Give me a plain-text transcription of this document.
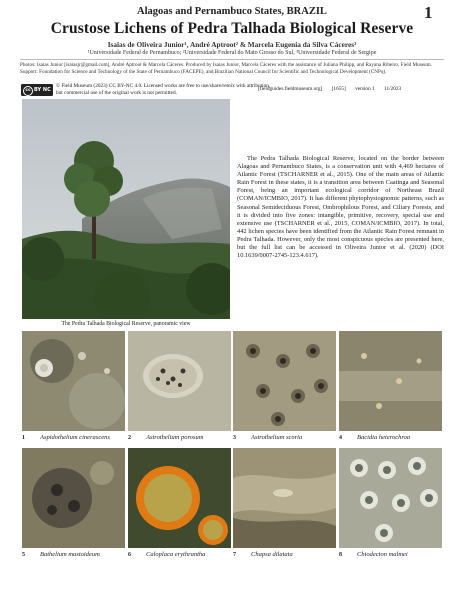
Alagoas and Pernambuco States, BRAZIL	1
Crustose Lichens of Pedra Talhada Biological Reserve
Isaias de Oliveira Junior¹, André Aptroot² & Marcela Eugenia da Silva Cáceres³
¹Universidade Federal de Pernambuco; ²Universidade Federal do Mato Grosso do Sul, ³Universidade Federal de Sergipe
Photos: Isaias Junior [isaiasjr@gmail.com], André Aptroot & Marcela Cáceres. Produced by Isaias Junior, Marcela Cáceres with the assistance of Juliana Philipp, and Rayana Ribeiro, Field Museum. Support: Foundation for Science and Technology of the State of Pernambuco (FACEPE), and Brazilian National Council for Scientific and Technological Development (CNPq).
cc BY NC
© Field Museum (2023) CC BY-NC 4.0. Licensed works are free to use/share/remix with attribution, but commercial use of the original work is not permitted.
[fieldguides.fieldmuseum.org] [1655] version 1 11/2023
The Pedra Talhada Biological Reserve, panoramic view
The Pedra Talhada Biological Reserve, located on the border between Alagoas and Pernambuco States, is a conservation unit with 4,469 hectares of Atlantic Forest (TSCHARNER et al., 2015). One of the main areas of Atlantic Rain Forest in these states, it is a transition area between Caatinga and Seasonal Forest, being an important ecological corridor of Northeast Brazil (COMAN/ICMBIO, 2017). It has different phytophysiognomic patterns, such as Seasonal Semideciduous Forest, Ombrophilous Forest, and Ciliary Forests, and it is divided into five zones: intangible, primitive, recovery, special use and extensive use (TSCHARNER et al., 2015, COMAN/ICMBIO, 2017). In total, 442 lichen species have been identified from the Atlantic Rain Forest remnant in Pedra Talhada. However, only the most conspicuous species are presented here, but the full list can be accessed in Oliveira Junior et al. (2020) (DOI 10.1639/0007-2745-123.4.617).
1 Aspidothelium cinerascens	2 Astrothelium porosum	3 Astrothelium scoria	4 Bacidia heterochroa
5 Bathelium mastoideum	6 Caloplaca erythrantha	7 Chapsa dilatata	8 Chiodecton malmei
